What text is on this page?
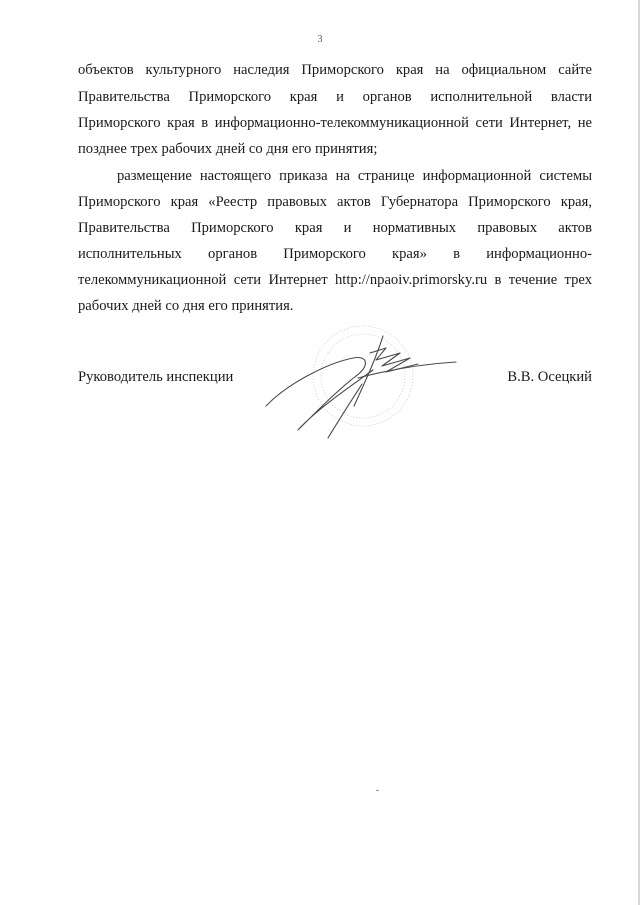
3
объектов культурного наследия Приморского края на официальном сайте
Правительства Приморского края и органов исполнительной власти
Приморского края в информационно-телекоммуникационной сети Интернет, не
позднее трех рабочих дней со дня его принятия;
размещение настоящего приказа на странице информационной системы
Приморского края «Реестр правовых актов Губернатора Приморского края,
Правительства Приморского края и нормативных правовых актов
исполнительных органов Приморского края» в информационно-
телекоммуникационной сети Интернет http://npaoiv.primorsky.ru в течение трех
рабочих дней со дня его принятия.
Руководитель инспекции	В.В. Осецкий
